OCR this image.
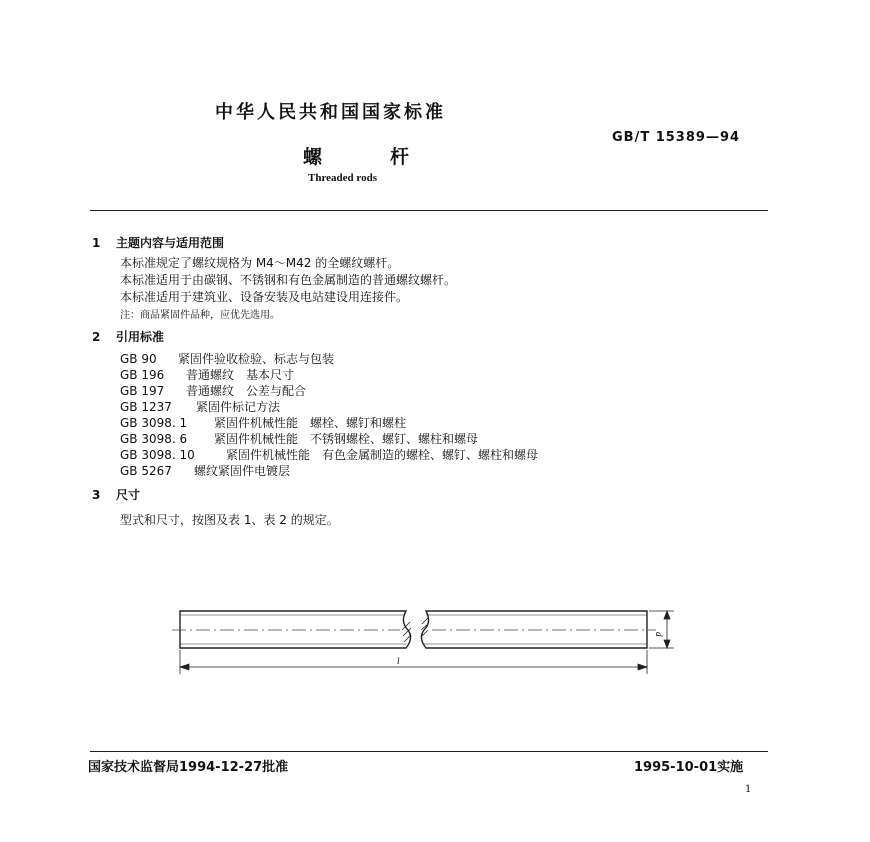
中华人民共和国国家标准
GB/T 15389—94
螺	杆
Threaded rods
1 主题内容与适用范围
本标准规定了螺纹规格为 M4～M42 的全螺纹螺杆。
本标准适用于由碳钢、不锈钢和有色金属制造的普通螺纹螺杆。
本标准适用于建筑业、设备安装及电站建设用连接件。
注：商品紧固件品种，应优先选用。
2 引用标准
GB 90 紧固件验收检验、标志与包装
GB 196 普通螺纹　基本尺寸
GB 197 普通螺纹　公差与配合
GB 1237 紧固件标记方法
GB 3098. 1 紧固件机械性能　螺栓、螺钉和螺柱
GB 3098. 6 紧固件机械性能　不锈钢螺栓、螺钉、螺柱和螺母
GB 3098. 10	紧固件机械性能　有色金属制造的螺栓、螺钉、螺柱和螺母
GB 5267 螺纹紧固件电镀层
3 尺寸
型式和尺寸，按图及表 1、表 2 的规定。
d
l
国家技术监督局1994-12-27批准	1995-10-01实施
1
